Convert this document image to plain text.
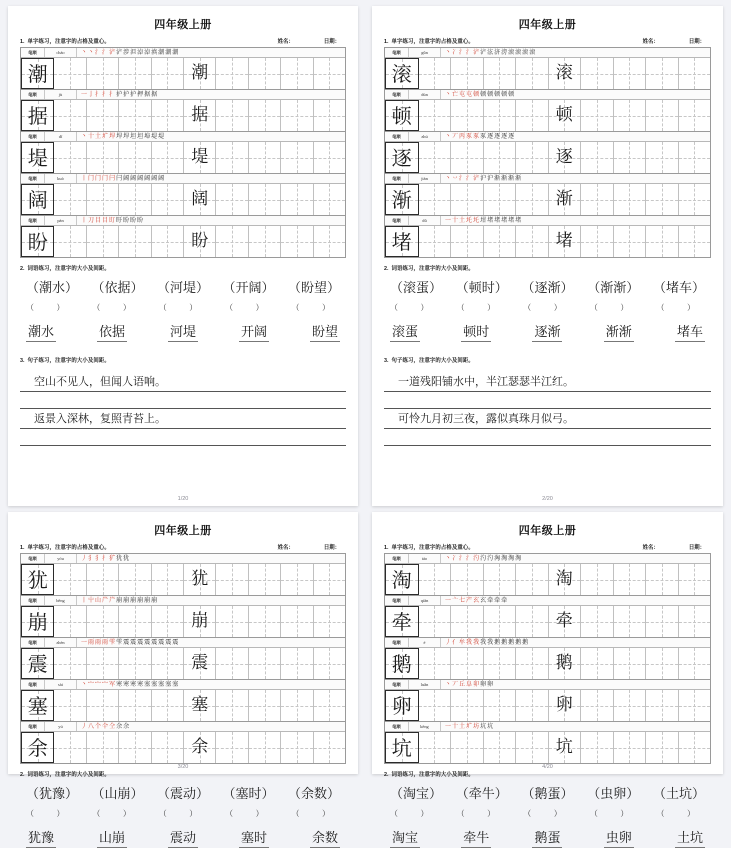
四年级上册
1. 单字练习，注意字的占格及重心。	姓名：	日期：
笔顺	cháo	丶 丶 氵 氵 浐 浐 涉 泹 淖 淖 滇 潮 潮 潮
潮	潮
笔顺	jù	一 亅 扌 扌 扌 护 护 护 押 据 据
据	据
笔顺	dī	丶 十 土 圹 垾 垾 垾 坦 坦 埠 堤 堤
堤	堤
笔顺	kuò	丨 门 门 门 闩 闩 阔 阔 阔 阔 阔 阔
阔	阔
笔顺	pàn	丨 刀 目 目 盯 盱 盼 盼 盼
盼	盼
2. 词语练习，注意字的大小及间距。
（潮水） （依据） （河堤） （开阔） （盼望）
（ ） （ ） （ ） （ ） （ ）
潮水	依据	河堤	开阔	盼望
3. 句子练习，注意字的大小及间距。
空山不见人，但闻人语响。
返景入深林，复照青苔上。
1/20
四年级上册
1. 单字练习，注意字的占格及重心。	姓名：	日期：
笔顺	gǔn	丶 冫 氵 氵 浐 浐 泫 济 滂 滚 滚 滚 滚
滚	滚
笔顺	dùn	丶 亡 屯 屯 顿 顿 顿 顿 顿 顿
顿	顿
笔顺	zhú	丶 丆 丙 豖 豖 豖 逐 逐 逐 逐
逐	逐
笔顺	jiàn	丶 丷 氵 氵 浐 沪 沪 渐 渐 渐 渐
渐	渐
笔顺	dǔ	一 十 土 圫 圫 坩 堵 堵 堵 堵 堵
堵	堵
2. 词语练习，注意字的大小及间距。
（滚蛋） （顿时） （逐渐） （渐渐） （堵车）
（ ） （ ） （ ） （ ） （ ）
滚蛋	顿时	逐渐	渐渐	堵车
3. 句子练习，注意字的大小及间距。
一道残阳铺水中，半江瑟瑟半江红。
可怜九月初三夜，露似真珠月似弓。
2/20
四年级上册
1. 单字练习，注意字的占格及重心。	姓名：	日期：
笔顺	yóu	丿 犭 犭 扌 犷 犹 犹
犹	犹
笔顺	bēng	丨 屮 山 屵 屵 崩 崩 崩 崩 崩 崩
崩	崩
笔顺	zhèn	一 雨 雨 雨 雫 雫 震 震 震 震 震 震 震 震
震	震
笔顺	sài	丶 宀 宀 宀 军 寒 寒 寒 寒 塞 塞 塞 塞 塞
塞	塞
笔顺	yú	丿 八 个 仐 仝 余 余
余	余
2. 词语练习，注意字的大小及间距。
（犹豫） （山崩） （震动） （塞时） （余数）
（ ） （ ） （ ） （ ） （ ）
犹豫	山崩	震动	塞时	余数
3/20
四年级上册
1. 单字练习，注意字的占格及重心。	姓名：	日期：
笔顺	táo	丶 冫 氵 氵 汋 汋 汋 洶 淘 淘 淘
淘	淘
笔顺	qiān	一 亠 七 产 玄 玄 牵 牵 牵
牵	牵
笔顺	é	丿 亻 牟 我 我 我 我 鹅 鹅 鹅 鹅 鹅
鹅	鹅
笔顺	luǎn	丶 丆 丘 阜 卯 卵 卵
卵	卵
笔顺	kēng	一 十 土 圹 坊 坑 坑
坑	坑
2. 词语练习，注意字的大小及间距。
（淘宝） （牵牛） （鹅蛋） （虫卵） （土坑）
（ ） （ ） （ ） （ ） （ ）
淘宝	牵牛	鹅蛋	虫卵	土坑
4/20
